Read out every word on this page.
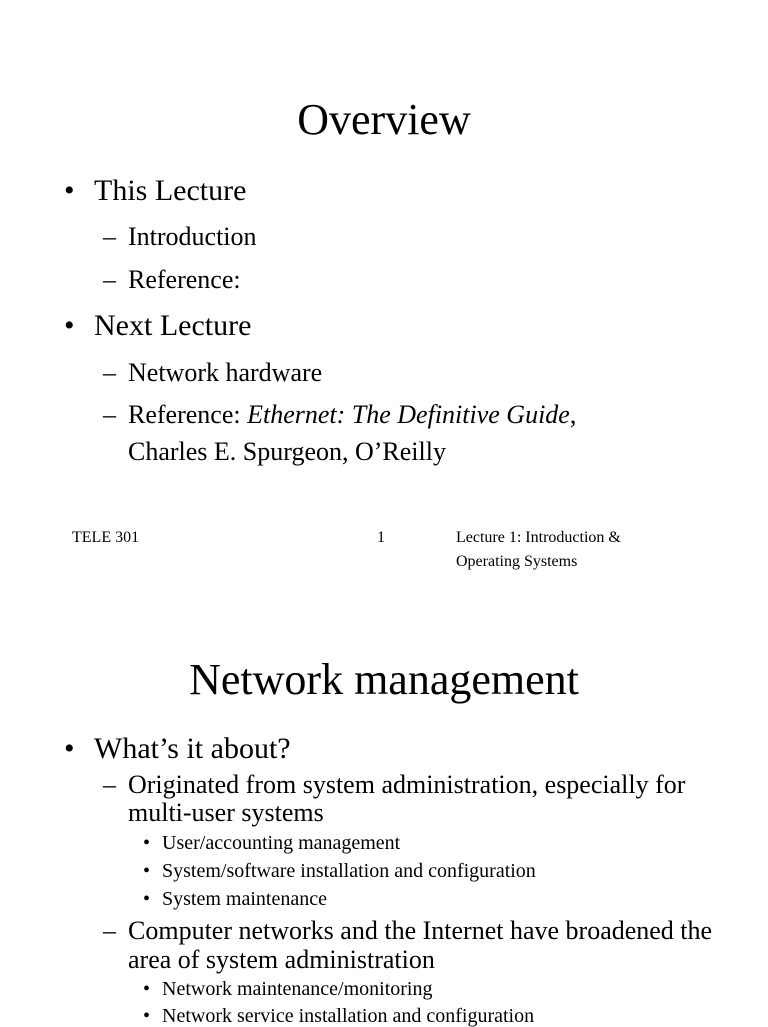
Overview
• This Lecture
– Introduction
– Reference:
• Next Lecture
– Network hardware
– Reference: Ethernet: The Definitive Guide,
Charles E. Spurgeon, O’Reilly
TELE 301	1	Lecture 1: Introduction &
Operating Systems
Network management
• What’s it about?
– Originated from system administration, especially for
multi-user systems
• User/accounting management
• System/software installation and configuration
• System maintenance
– Computer networks and the Internet have broadened the
area of system administration
• Network maintenance/monitoring
• Network service installation and configuration
